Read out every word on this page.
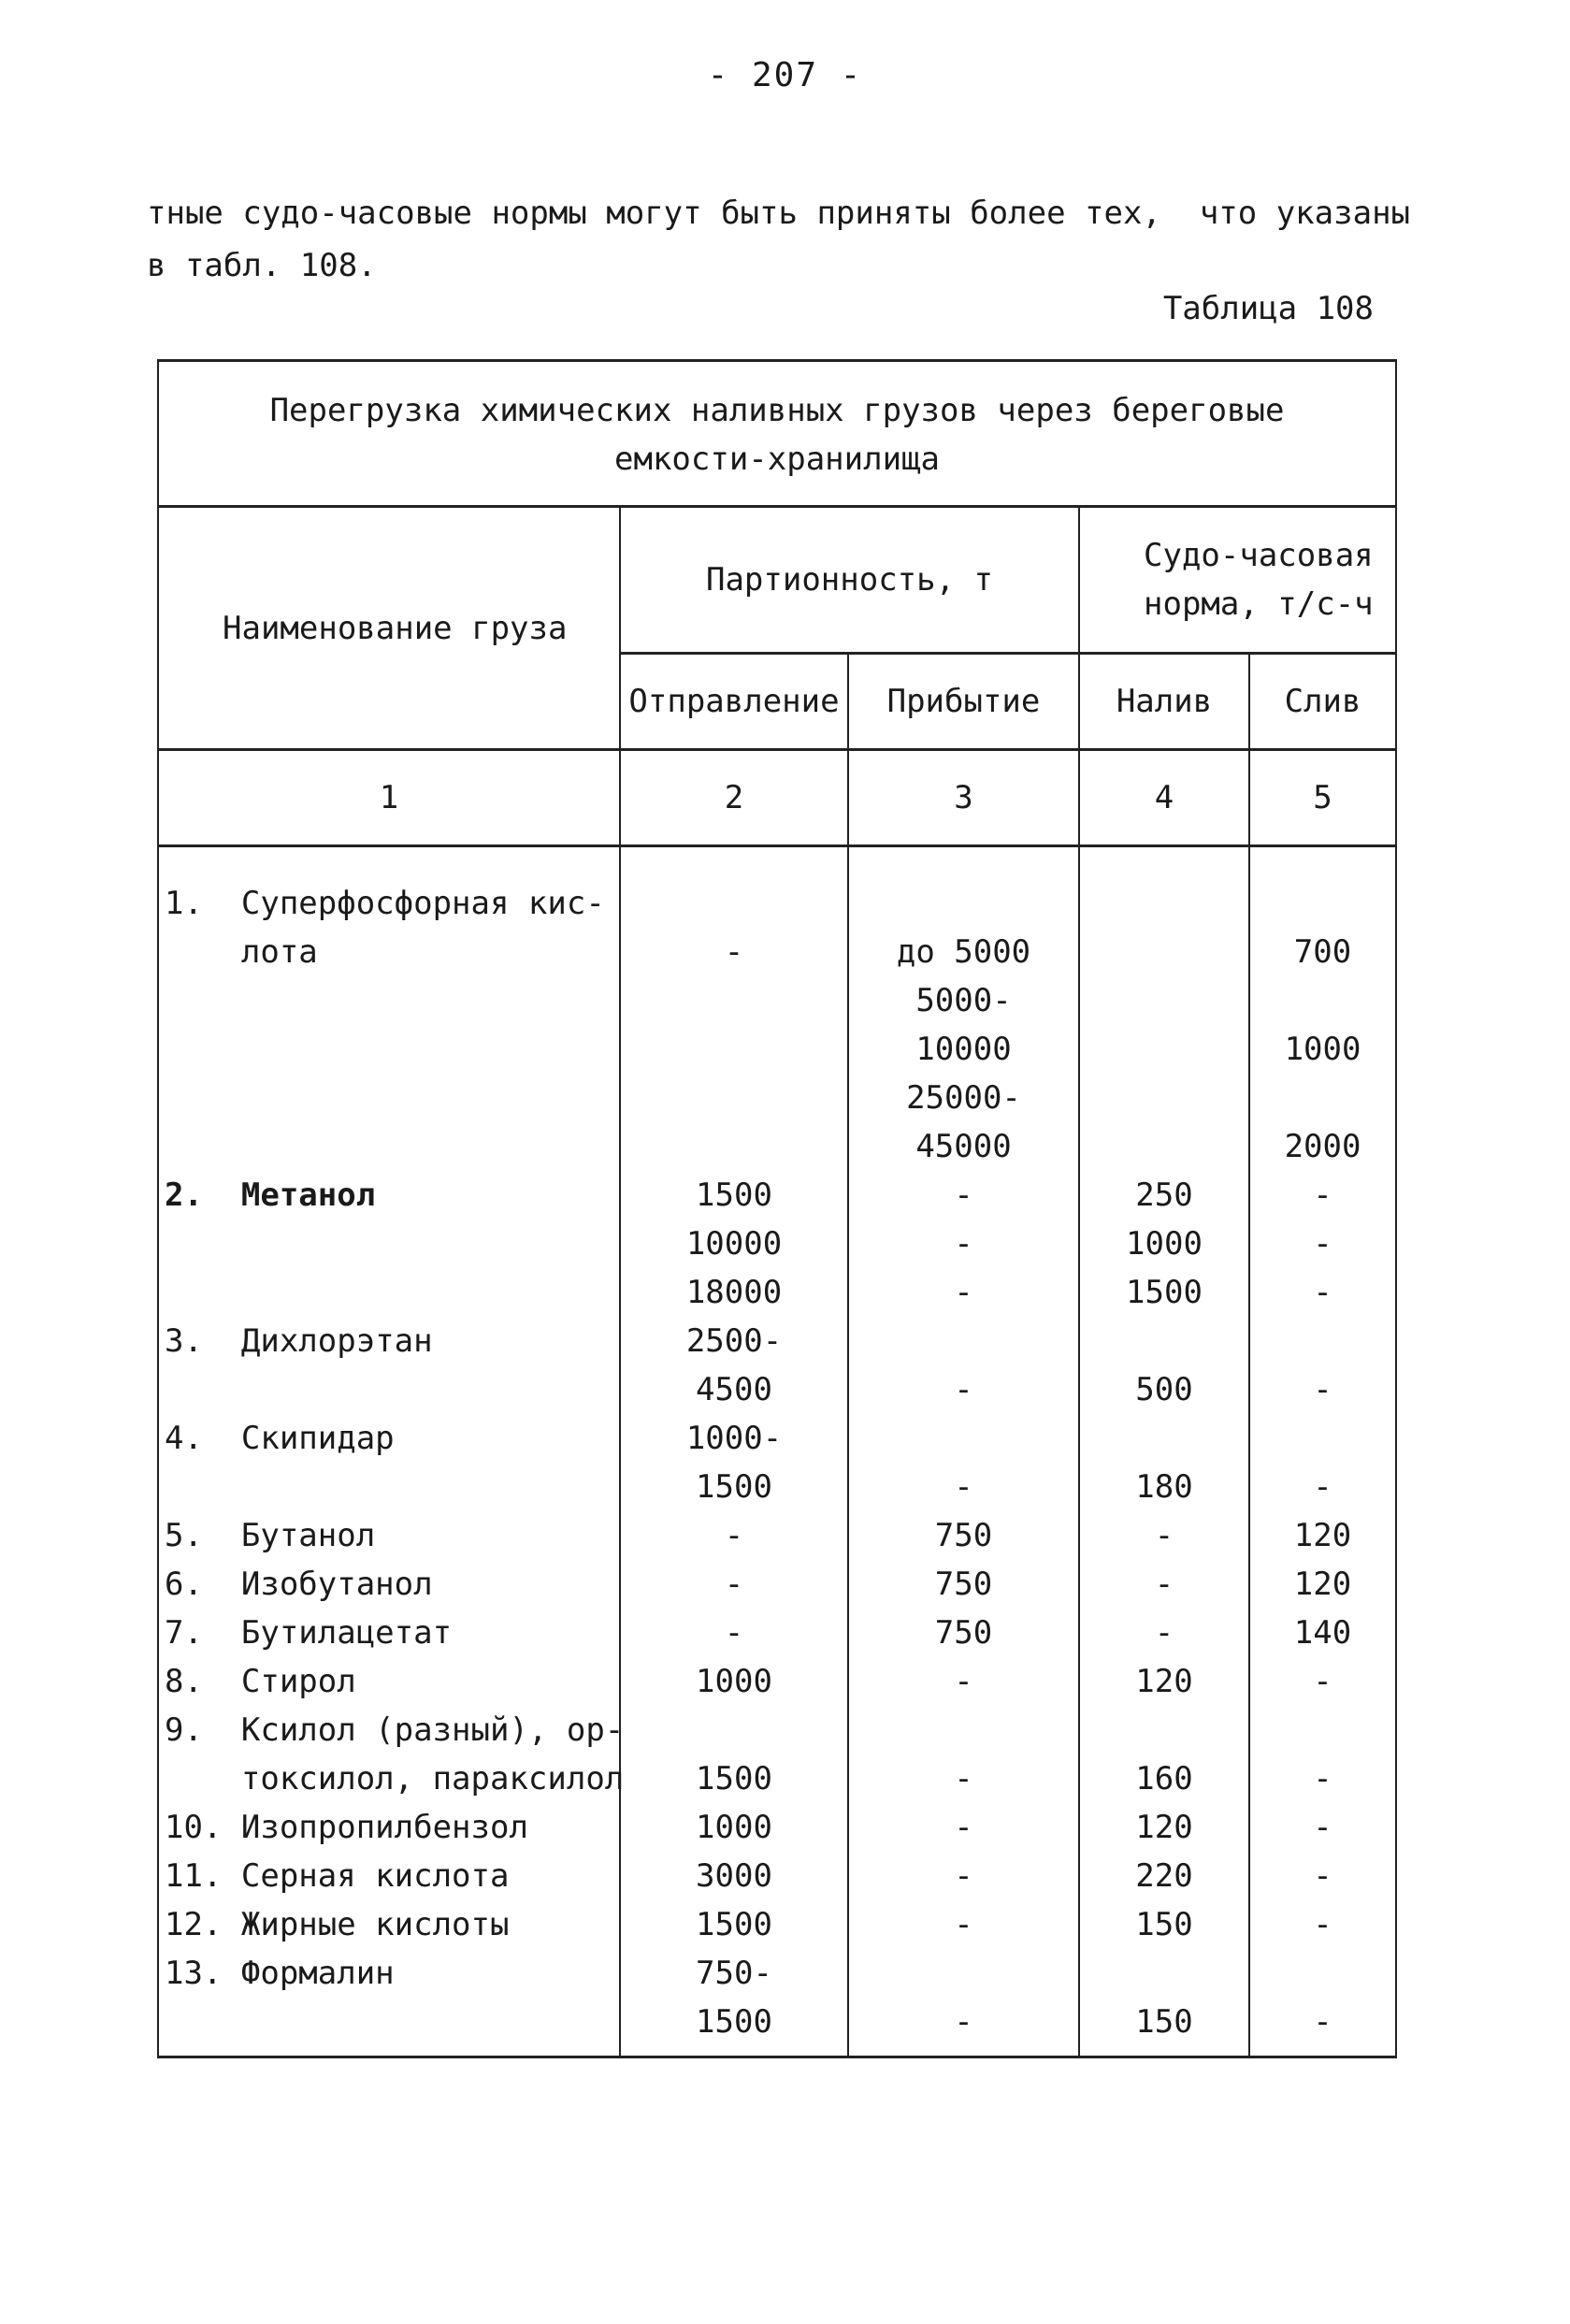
- 207 -
тные судо-часовые нормы могут быть приняты более тех,  что указаны
в табл. 108.
Таблица 108
Перегрузка химических наливных грузов через береговые
емкости-хранилища				

Наименование груза	Партионность, т		Судо-часовая
норма, т/с-ч	

	Отправление	Прибытие	Налив	Слив
1	2	3	4	5
1.  Суперфосфорная кис-				
лота	-	до 5000		700
		5000-		
		10000		1000
		25000-		
		45000		2000
2.  Метанол	1500	-	250	-
	10000	-	1000	-
	18000	-	1500	-
3.  Дихлорэтан	2500-			
	4500	-	500	-
4.  Скипидар	1000-			
	1500	-	180	-
5.  Бутанол	-	750	-	120
6.  Изобутанол	-	750	-	120
7.  Бутилацетат	-	750	-	140
8.  Стирол	1000	-	120	-
9.  Ксилол (разный), ор-				
токсилол, параксилол	1500	-	160	-
10. Изопропилбензол	1000	-	120	-
11. Серная кислота	3000	-	220	-
12. Жирные кислоты	1500	-	150	-
13. Формалин	750-			
	1500	-	150	-
